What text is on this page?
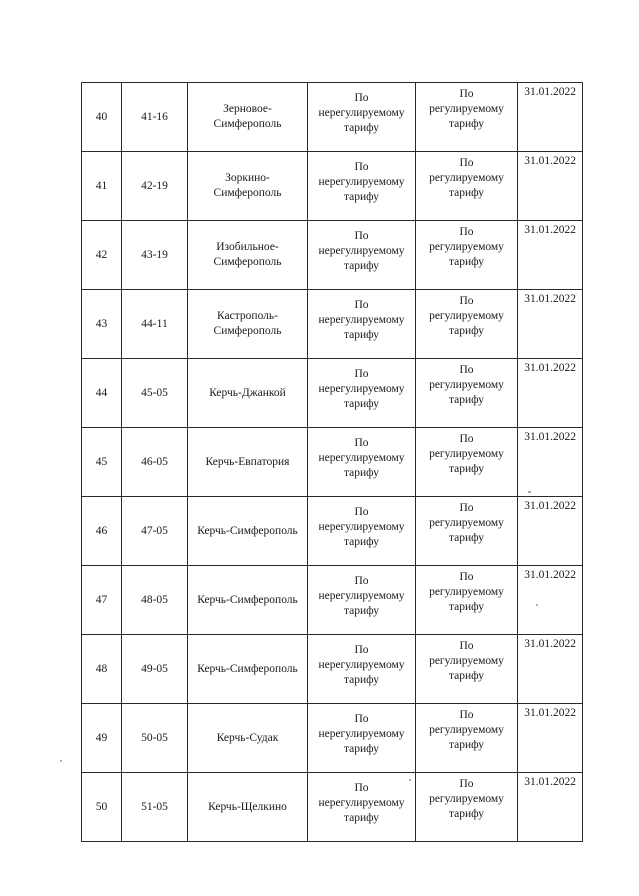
40	41-16	Зерновое-
Симферополь	По
нерегулируемому
тарифу	По
регулируемому
тарифу	31.01.2022
41	42-19	Зоркино-
Симферополь	По
нерегулируемому
тарифу	По
регулируемому
тарифу	31.01.2022
42	43-19	Изобильное-
Симферополь	По
нерегулируемому
тарифу	По
регулируемому
тарифу	31.01.2022
43	44-11	Кастрополь-
Симферополь	По
нерегулируемому
тарифу	По
регулируемому
тарифу	31.01.2022
44	45-05	Керчь-Джанкой	По
нерегулируемому
тарифу	По
регулируемому
тарифу	31.01.2022
45	46-05	Керчь-Евпатория	По
нерегулируемому
тарифу	По
регулируемому
тарифу	31.01.2022
46	47-05	Керчь-Симферополь	По
нерегулируемому
тарифу	По
регулируемому
тарифу	31.01.2022
47	48-05	Керчь-Симферополь	По
нерегулируемому
тарифу	По
регулируемому
тарифу	31.01.2022
48	49-05	Керчь-Симферополь	По
нерегулируемому
тарифу	По
регулируемому
тарифу	31.01.2022
49	50-05	Керчь-Судак	По
нерегулируемому
тарифу	По
регулируемому
тарифу	31.01.2022
50	51-05	Керчь-Щелкино	По
нерегулируемому
тарифу	По
регулируемому
тарифу	31.01.2022
